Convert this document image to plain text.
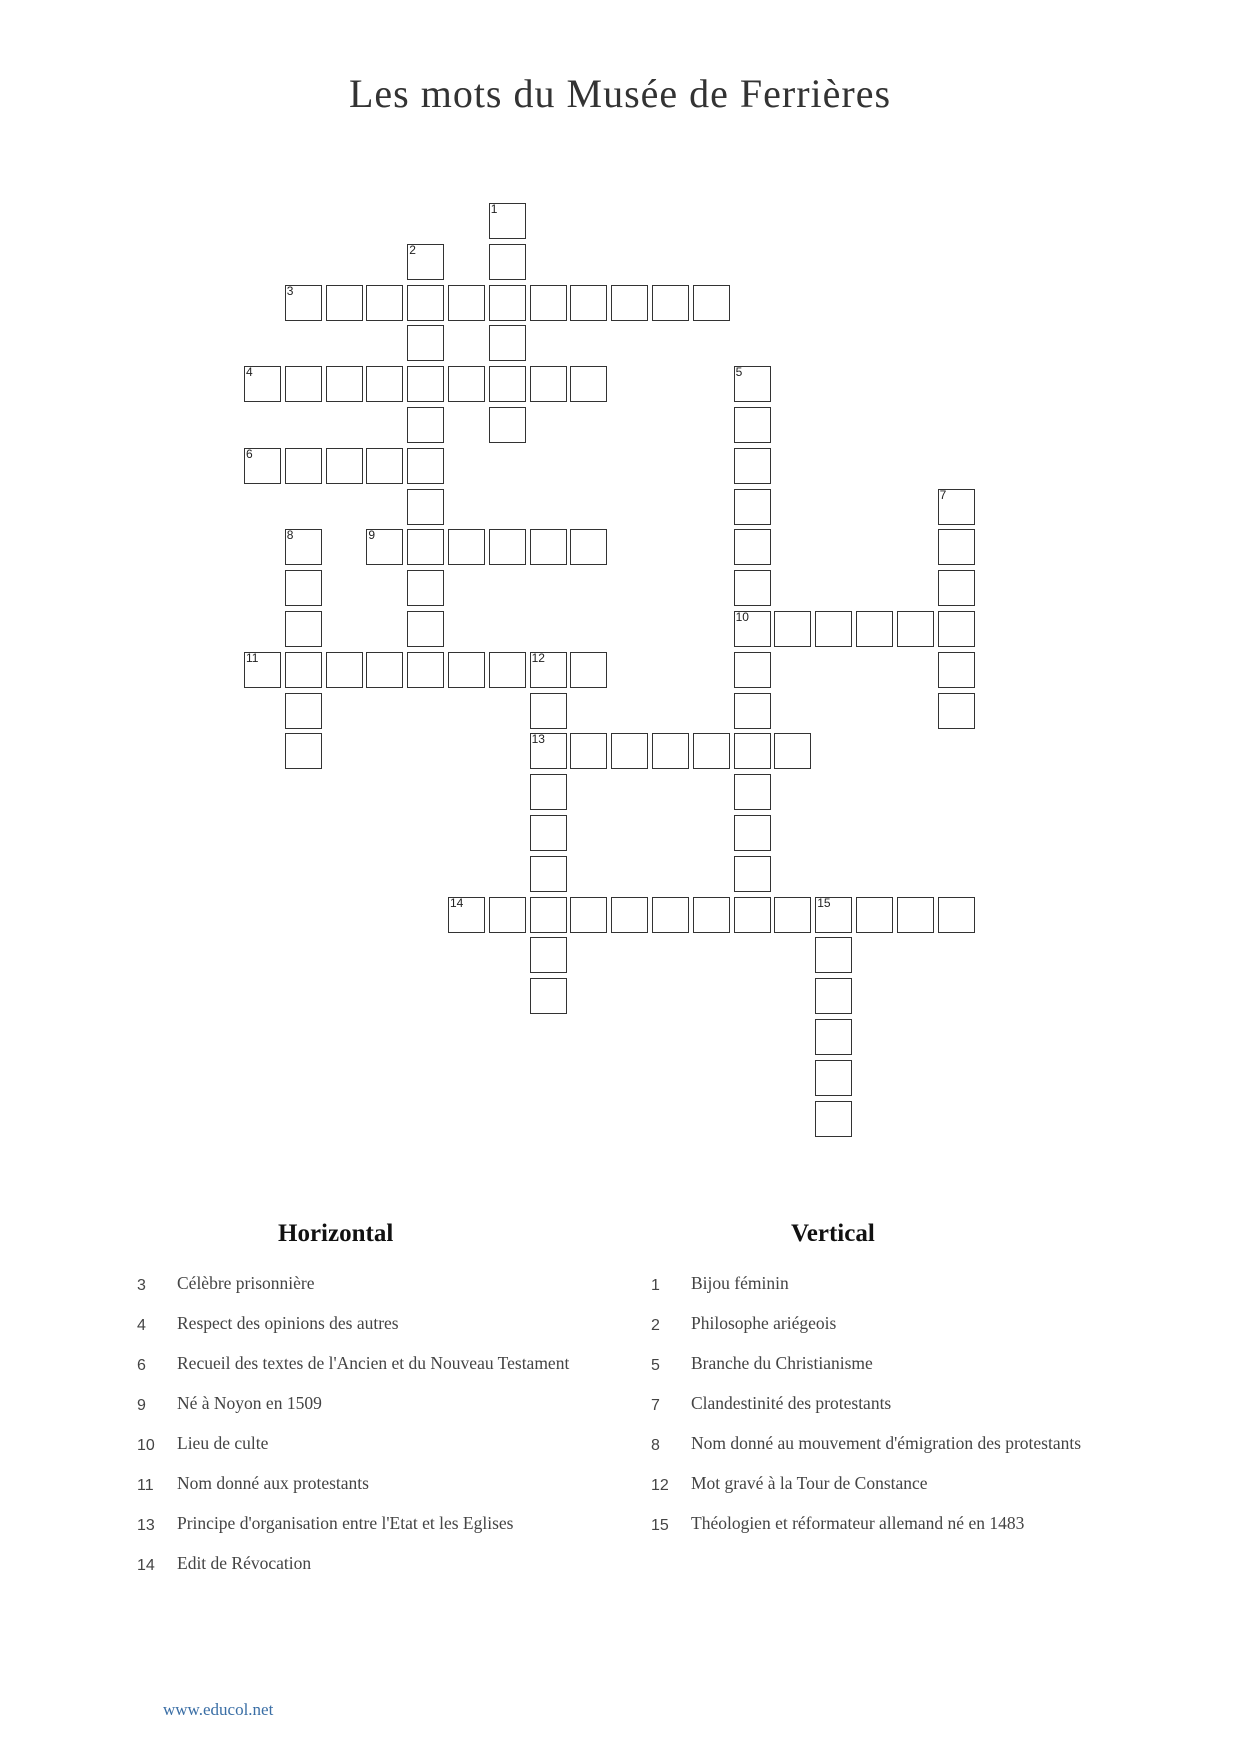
Les mots du Musée de Ferrières
1
2
3
4	5
10
6
7
8	9
11	12
13
14	15
Horizontal	Vertical
3 Célèbre prisonnière
4 Respect des opinions des autres
6 Recueil des textes de l'Ancien et du Nouveau Testament
9 Né à Noyon en 1509
10 Lieu de culte
11 Nom donné aux protestants
13 Principe d'organisation entre l'Etat et les Eglises
14 Edit de Révocation
1 Bijou féminin
2 Philosophe ariégeois
5 Branche du Christianisme
7 Clandestinité des protestants
8 Nom donné au mouvement d'émigration des protestants
12 Mot gravé à la Tour de Constance
15 Théologien et réformateur allemand né en 1483
www.educol.net
